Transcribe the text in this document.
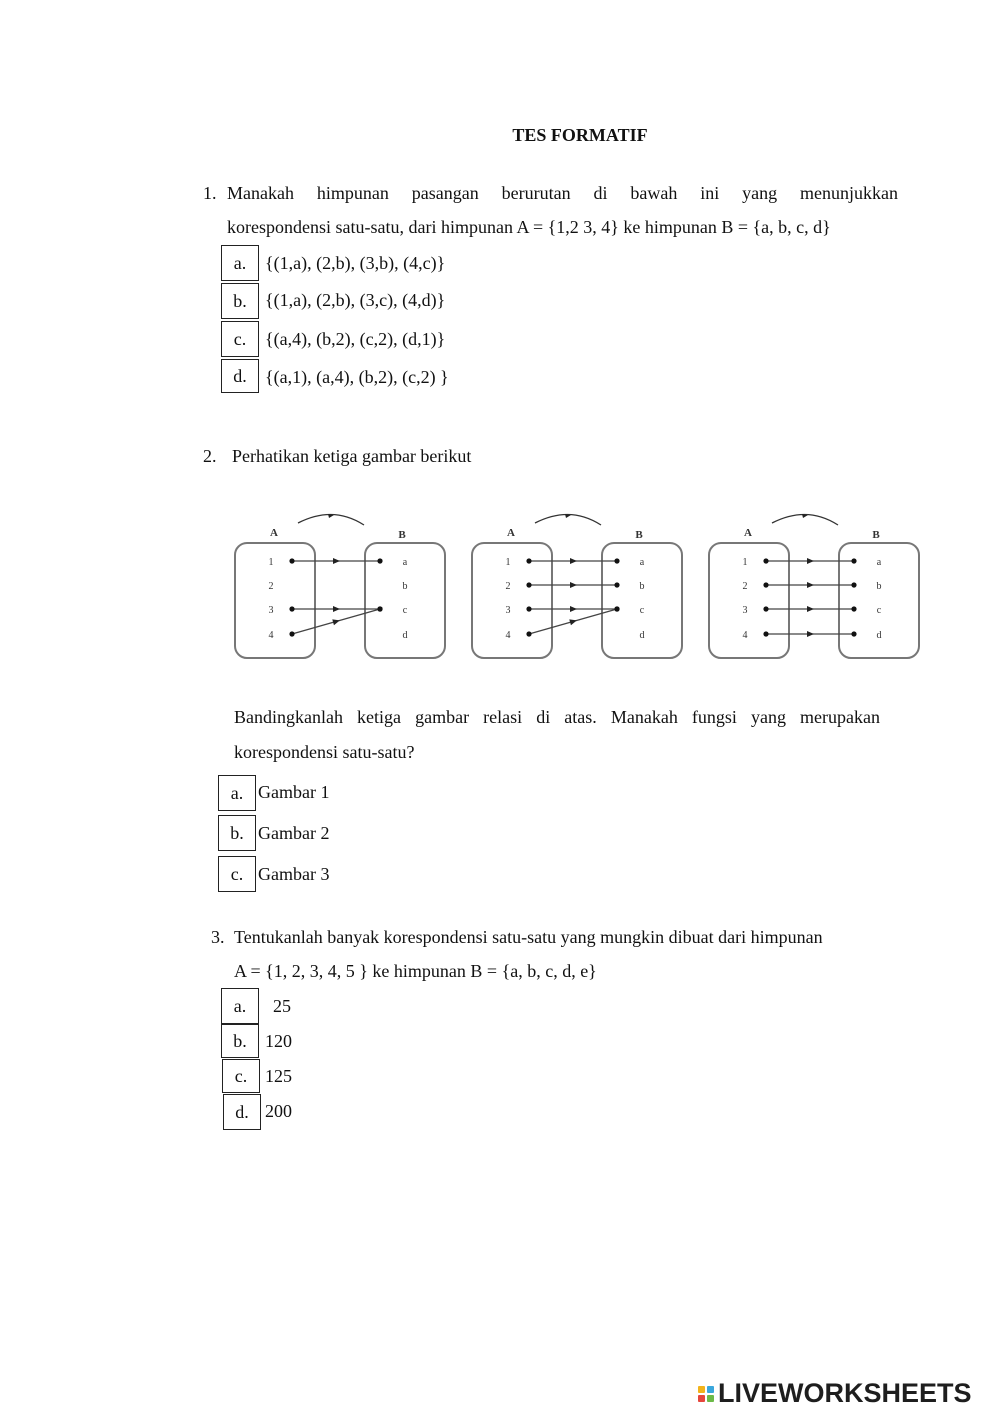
TES FORMATIF
1. Manakah himpunan pasangan berurutan di bawah ini yang menunjukkan
korespondensi satu-satu, dari himpunan A = {1,2 3, 4} ke himpunan B = {a, b, c, d}
a.	{(1,a), (2,b), (3,b), (4,c)}
b.	{(1,a), (2,b), (3,c), (4,d)}
c.	{(a,4), (b,2), (c,2), (d,1)}
d.	{(a,1), (a,4), (b,2), (c,2) }
2. Perhatikan ketiga gambar berikut
A	B
1
2
3
4
a
b
c
d
A	B
1
2
3
4
a
b
c
d
A	B
1
2
3
4
a
b
c
d
Bandingkanlah ketiga gambar relasi di atas. Manakah fungsi yang merupakan
korespondensi satu-satu?
a. Gambar 1
b. Gambar 2
c. Gambar 3
3. Tentukanlah banyak korespondensi satu-satu yang mungkin dibuat dari himpunan
A = {1, 2, 3, 4, 5 } ke himpunan B = {a, b, c, d, e}
a.	25
b.	120
c. 125
d. 200
LIVEWORKSHEETS
